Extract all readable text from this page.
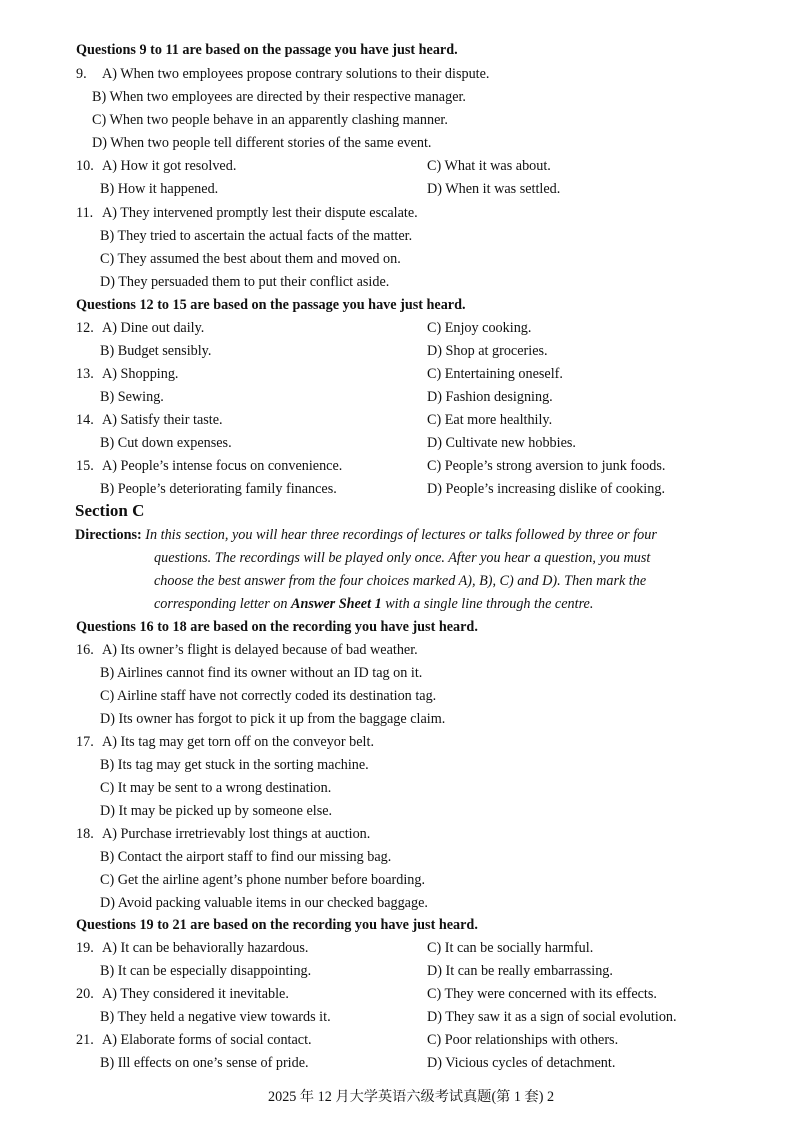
Questions 9 to 11 are based on the passage you have just heard.
9. A) When two employees propose contrary solutions to their dispute.
B) When two employees are directed by their respective manager.
C) When two people behave in an apparently clashing manner.
D) When two people tell different stories of the same event.
10. A) How it got resolved.	C) What it was about.
B) How it happened.	D) When it was settled.
11. A) They intervened promptly lest their dispute escalate.
B) They tried to ascertain the actual facts of the matter.
C) They assumed the best about them and moved on.
D) They persuaded them to put their conflict aside.
Questions 12 to 15 are based on the passage you have just heard.
12. A) Dine out daily.	C) Enjoy cooking.
B) Budget sensibly.	D) Shop at groceries.
13. A) Shopping.	C) Entertaining oneself.
B) Sewing.	D) Fashion designing.
14. A) Satisfy their taste.	C) Eat more healthily.
B) Cut down expenses.	D) Cultivate new hobbies.
15. A) People’s intense focus on convenience.	C) People’s strong aversion to junk foods.
B) People’s deteriorating family finances.	D) People’s increasing dislike of cooking.
Section C
Directions: In this section, you will hear three recordings of lectures or talks followed by three or four
questions. The recordings will be played only once. After you hear a question, you must
choose the best answer from the four choices marked A), B), C) and D). Then mark the
corresponding letter on Answer Sheet 1 with a single line through the centre.
Questions 16 to 18 are based on the recording you have just heard.
16. A) Its owner’s flight is delayed because of bad weather.
B) Airlines cannot find its owner without an ID tag on it.
C) Airline staff have not correctly coded its destination tag.
D) Its owner has forgot to pick it up from the baggage claim.
17. A) Its tag may get torn off on the conveyor belt.
B) Its tag may get stuck in the sorting machine.
C) It may be sent to a wrong destination.
D) It may be picked up by someone else.
18. A) Purchase irretrievably lost things at auction.
B) Contact the airport staff to find our missing bag.
C) Get the airline agent’s phone number before boarding.
D) Avoid packing valuable items in our checked baggage.
Questions 19 to 21 are based on the recording you have just heard.
19. A) It can be behaviorally hazardous.	C) It can be socially harmful.
B) It can be especially disappointing.	D) It can be really embarrassing.
20. A) They considered it inevitable.	C) They were concerned with its effects.
B) They held a negative view towards it.	D) They saw it as a sign of social evolution.
21. A) Elaborate forms of social contact.	C) Poor relationships with others.
B) Ill effects on one’s sense of pride.	D) Vicious cycles of detachment.
2025 年 12 月大学英语六级考试真题(第 1 套) 2
